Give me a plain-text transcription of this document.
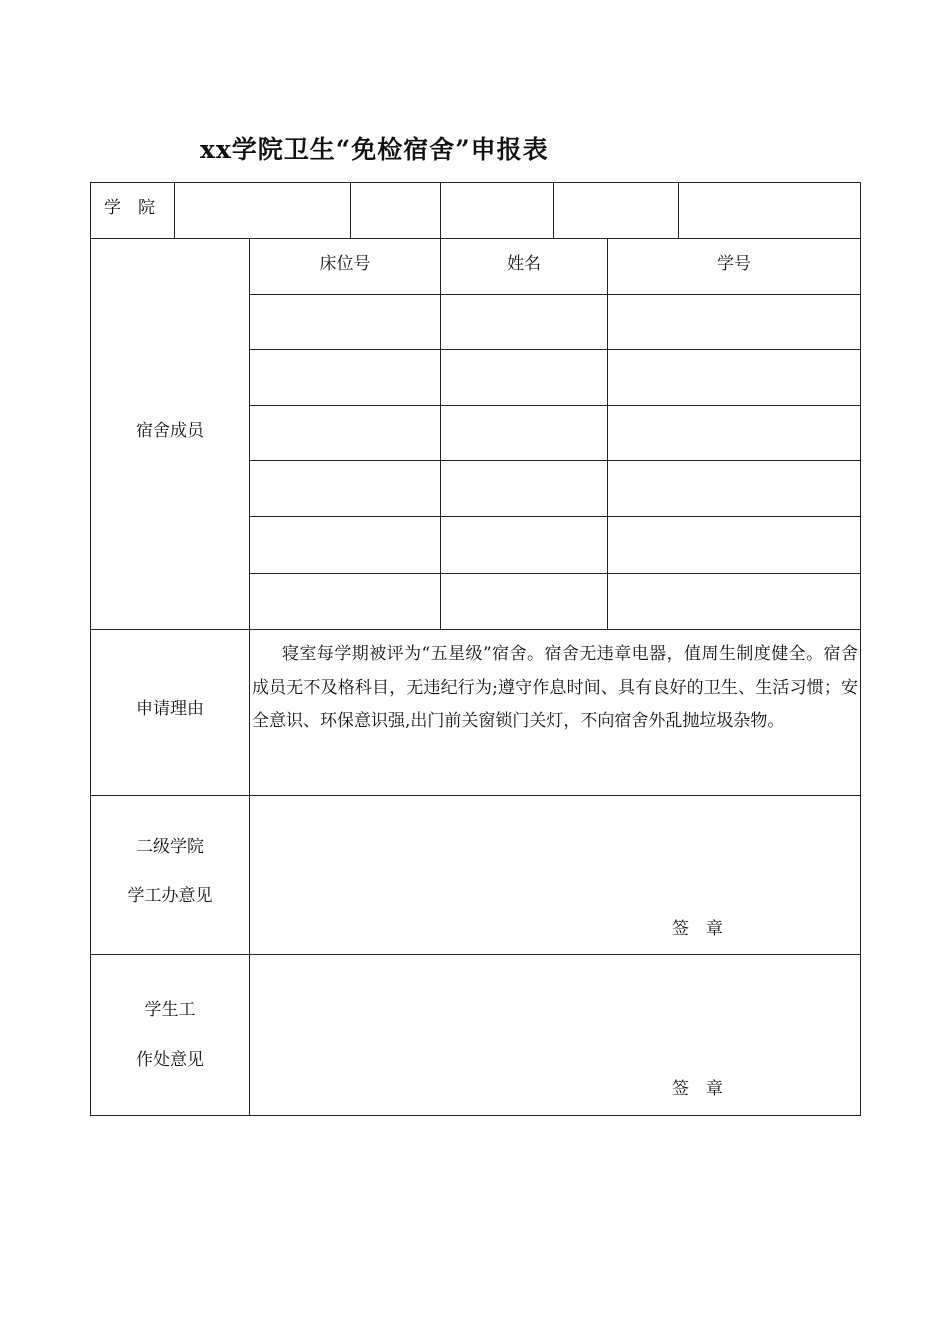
xx学院卫生“免检宿舍”申报表
学　院
床位号	姓名	学号
宿舍成员
申请理由
寝室每学期被评为“五星级”宿舍。宿舍无违章电器，值周生制度健全。宿舍成员无不及格科目，无违纪行为;遵守作息时间、具有良好的卫生、生活习惯；安全意识、环保意识强,出门前关窗锁门关灯，不向宿舍外乱抛垃圾杂物。
二级学院
学工办意见
签　章
学生工
作处意见
签　章
